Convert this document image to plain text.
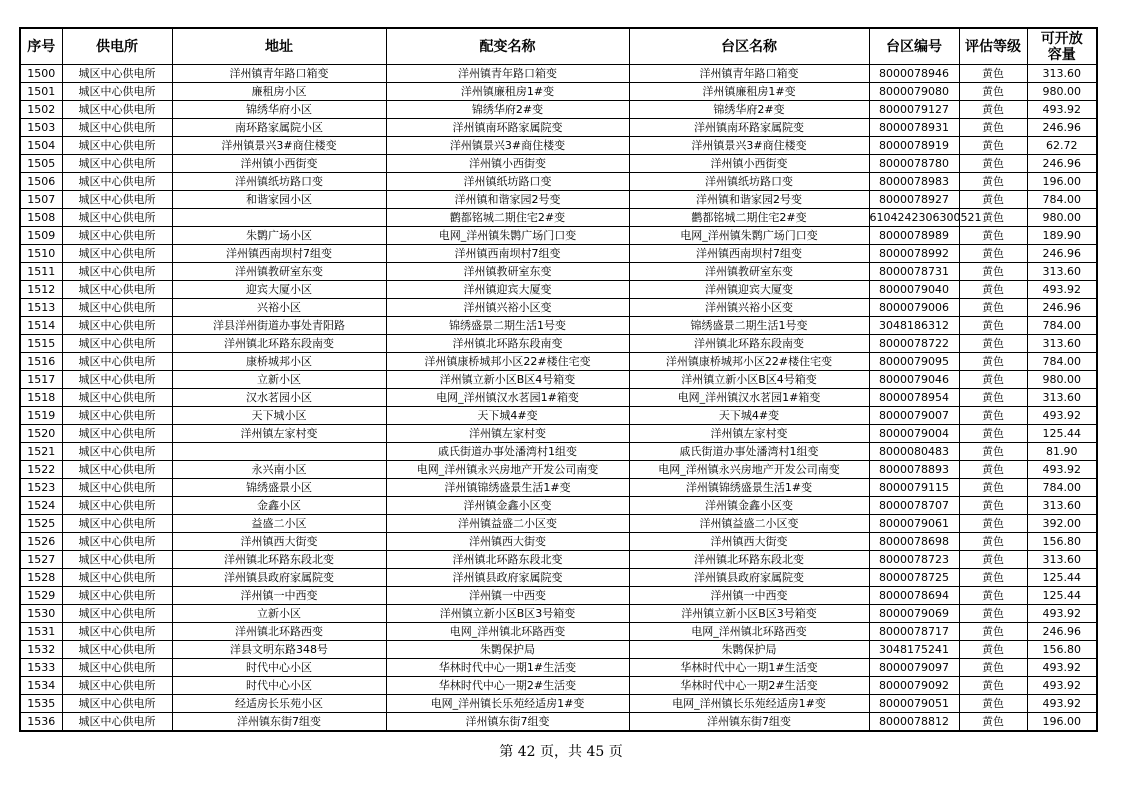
序号	供电所	地址	配变名称	台区名称	台区编号	评估等级	可开放容量

1500	城区中心供电所	洋州镇青年路口箱变	洋州镇青年路口箱变	洋州镇青年路口箱变	8000078946	黄色	313.60
1501	城区中心供电所	廉租房小区	洋州镇廉租房1#变	洋州镇廉租房1#变	8000079080	黄色	980.00
1502	城区中心供电所	锦绣华府小区	锦绣华府2#变	锦绣华府2#变	8000079127	黄色	493.92
1503	城区中心供电所	南环路家属院小区	洋州镇南环路家属院变	洋州镇南环路家属院变	8000078931	黄色	246.96
1504	城区中心供电所	洋州镇景兴3#商住楼变	洋州镇景兴3#商住楼变	洋州镇景兴3#商住楼变	8000078919	黄色	62.72
1505	城区中心供电所	洋州镇小西街变	洋州镇小西街变	洋州镇小西街变	8000078780	黄色	246.96
1506	城区中心供电所	洋州镇纸坊路口变	洋州镇纸坊路口变	洋州镇纸坊路口变	8000078983	黄色	196.00
1507	城区中心供电所	和谐家园小区	洋州镇和谐家园2号变	洋州镇和谐家园2号变	8000078927	黄色	784.00
1508	城区中心供电所		鹳都铭城二期住宅2#变	鹳都铭城二期住宅2#变	6104242306300521	黄色	980.00
1509	城区中心供电所	朱鹮广场小区	电网_洋州镇朱鹮广场门口变	电网_洋州镇朱鹮广场门口变	8000078989	黄色	189.90
1510	城区中心供电所	洋州镇西南坝村7组变	洋州镇西南坝村7组变	洋州镇西南坝村7组变	8000078992	黄色	246.96
1511	城区中心供电所	洋州镇教研室东变	洋州镇教研室东变	洋州镇教研室东变	8000078731	黄色	313.60
1512	城区中心供电所	迎宾大厦小区	洋州镇迎宾大厦变	洋州镇迎宾大厦变	8000079040	黄色	493.92
1513	城区中心供电所	兴裕小区	洋州镇兴裕小区变	洋州镇兴裕小区变	8000079006	黄色	246.96
1514	城区中心供电所	洋县洋州街道办事处青阳路	锦绣盛景二期生活1号变	锦绣盛景二期生活1号变	3048186312	黄色	784.00
1515	城区中心供电所	洋州镇北环路东段南变	洋州镇北环路东段南变	洋州镇北环路东段南变	8000078722	黄色	313.60
1516	城区中心供电所	康桥城邦小区	洋州镇康桥城邦小区22#楼住宅变	洋州镇康桥城邦小区22#楼住宅变	8000079095	黄色	784.00
1517	城区中心供电所	立新小区	洋州镇立新小区B区4号箱变	洋州镇立新小区B区4号箱变	8000079046	黄色	980.00
1518	城区中心供电所	汉水茗园小区	电网_洋州镇汉水茗园1#箱变	电网_洋州镇汉水茗园1#箱变	8000078954	黄色	313.60
1519	城区中心供电所	天下城小区	天下城4#变	天下城4#变	8000079007	黄色	493.92
1520	城区中心供电所	洋州镇左家村变	洋州镇左家村变	洋州镇左家村变	8000079004	黄色	125.44
1521	城区中心供电所		戚氏街道办事处潘湾村1组变	戚氏街道办事处潘湾村1组变	8000080483	黄色	81.90
1522	城区中心供电所	永兴南小区	电网_洋州镇永兴房地产开发公司南变	电网_洋州镇永兴房地产开发公司南变	8000078893	黄色	493.92
1523	城区中心供电所	锦绣盛景小区	洋州镇锦绣盛景生活1#变	洋州镇锦绣盛景生活1#变	8000079115	黄色	784.00
1524	城区中心供电所	金鑫小区	洋州镇金鑫小区变	洋州镇金鑫小区变	8000078707	黄色	313.60
1525	城区中心供电所	益盛二小区	洋州镇益盛二小区变	洋州镇益盛二小区变	8000079061	黄色	392.00
1526	城区中心供电所	洋州镇西大街变	洋州镇西大街变	洋州镇西大街变	8000078698	黄色	156.80
1527	城区中心供电所	洋州镇北环路东段北变	洋州镇北环路东段北变	洋州镇北环路东段北变	8000078723	黄色	313.60
1528	城区中心供电所	洋州镇县政府家属院变	洋州镇县政府家属院变	洋州镇县政府家属院变	8000078725	黄色	125.44
1529	城区中心供电所	洋州镇一中西变	洋州镇一中西变	洋州镇一中西变	8000078694	黄色	125.44
1530	城区中心供电所	立新小区	洋州镇立新小区B区3号箱变	洋州镇立新小区B区3号箱变	8000079069	黄色	493.92
1531	城区中心供电所	洋州镇北环路西变	电网_洋州镇北环路西变	电网_洋州镇北环路西变	8000078717	黄色	246.96
1532	城区中心供电所	洋县文明东路348号	朱鹮保护局	朱鹮保护局	3048175241	黄色	156.80
1533	城区中心供电所	时代中心小区	华林时代中心一期1#生活变	华林时代中心一期1#生活变	8000079097	黄色	493.92
1534	城区中心供电所	时代中心小区	华林时代中心一期2#生活变	华林时代中心一期2#生活变	8000079092	黄色	493.92
1535	城区中心供电所	经适房长乐苑小区	电网_洋州镇长乐苑经适房1#变	电网_洋州镇长乐苑经适房1#变	8000079051	黄色	493.92
1536	城区中心供电所	洋州镇东街7组变	洋州镇东街7组变	洋州镇东街7组变	8000078812	黄色	196.00
第 42 页，共 45 页
